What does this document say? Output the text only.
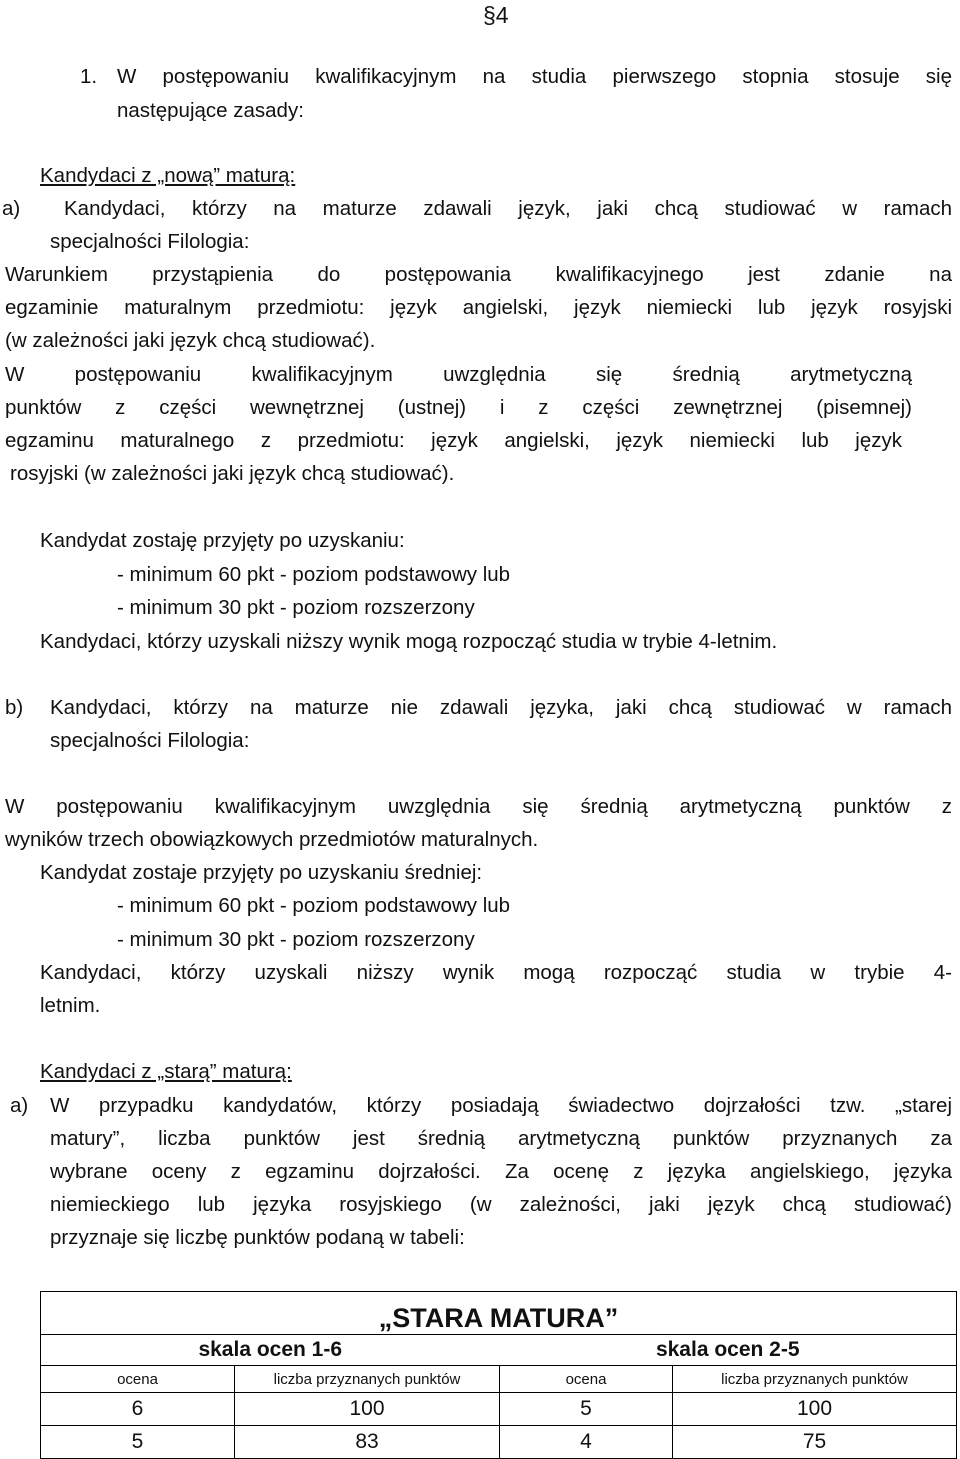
§4
1. W postępowaniu kwalifikacyjnym na studia pierwszego stopnia stosuje się
następujące zasady:
Kandydaci z „nową” maturą:
a) Kandydaci, którzy na maturze zdawali język, jaki chcą studiować w ramach
specjalności Filologia:
Warunkiem przystąpienia do postępowania kwalifikacyjnego jest zdanie na
egzaminie maturalnym przedmiotu: język angielski, język niemiecki lub język rosyjski
(w zależności jaki język chcą studiować).
W postępowaniu kwalifikacyjnym uwzględnia się średnią arytmetyczną
punktów z części wewnętrznej (ustnej) i z części zewnętrznej (pisemnej)
egzaminu maturalnego z przedmiotu: język angielski, język niemiecki lub język
rosyjski (w zależności jaki język chcą studiować).
Kandydat zostaję przyjęty po uzyskaniu:
- minimum 60 pkt - poziom podstawowy lub
- minimum 30 pkt - poziom rozszerzony
Kandydaci, którzy uzyskali niższy wynik mogą rozpocząć studia w trybie 4-letnim.
b) Kandydaci, którzy na maturze nie zdawali języka, jaki chcą studiować w ramach
specjalności Filologia:
W postępowaniu kwalifikacyjnym uwzględnia się średnią arytmetyczną punktów z
wyników trzech obowiązkowych przedmiotów maturalnych.
Kandydat zostaje przyjęty po uzyskaniu średniej:
- minimum 60 pkt - poziom podstawowy lub
- minimum 30 pkt - poziom rozszerzony
Kandydaci, którzy uzyskali niższy wynik mogą rozpocząć studia w trybie 4-
letnim.
Kandydaci z „starą” maturą:
a) W przypadku kandydatów, którzy posiadają świadectwo dojrzałości tzw. „starej
matury”, liczba punktów jest średnią arytmetyczną punktów przyznanych za
wybrane oceny z egzaminu dojrzałości. Za ocenę z języka angielskiego, języka
niemieckiego lub języka rosyjskiego (w zależności, jaki język chcą studiować)
przyznaje się liczbę punktów podaną w tabeli:
„STARA MATURA”			
skala ocen 1-6		skala ocen 2-5	
ocena	liczba przyznanych punktów	ocena	liczba przyznanych punktów
6	100	5	100
5	83	4	75
